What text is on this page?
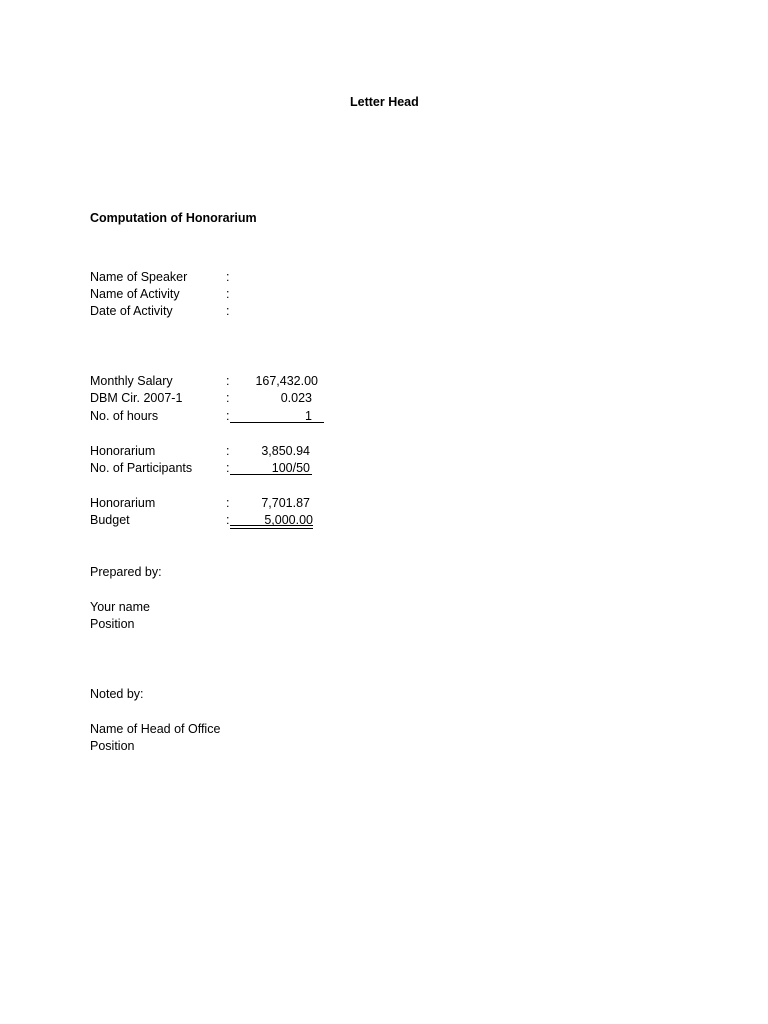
Letter Head
Computation of Honorarium
Name of Speaker	:
Name of Activity	:
Date of Activity	:
Monthly Salary	:	167,432.00
DBM Cir. 2007-1	:	0.023
No. of hours	:	1
Honorarium	:	3,850.94
No. of Participants	:	100/50
Honorarium	:	7,701.87
Budget	:	5,000.00
Prepared by:
Your name
Position
Noted by:
Name of Head of Office
Position
